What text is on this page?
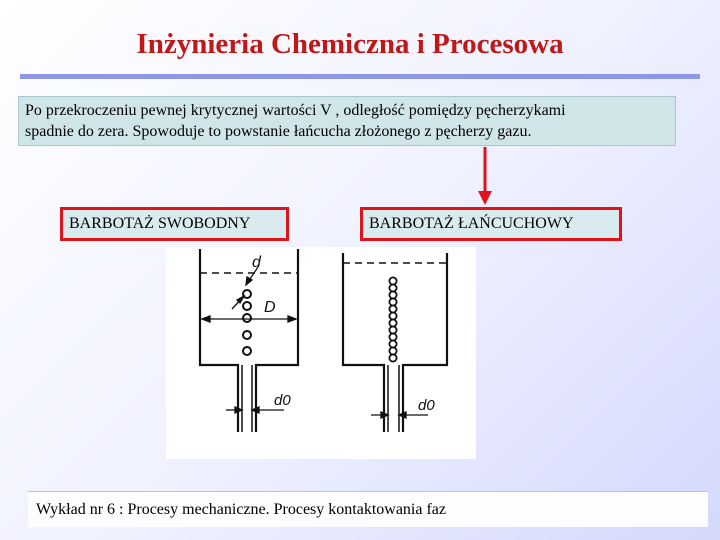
Inżynieria Chemiczna i Procesowa
Po przekroczeniu pewnej krytycznej wartości V , odległość pomiędzy pęcherzykami
spadnie do zera. Spowoduje to powstanie łańcucha złożonego z pęcherzy gazu.
BARBOTAŻ SWOBODNY	BARBOTAŻ ŁAŃCUCHOWY
d
D
d0	d0
Wykład nr 6 : Procesy mechaniczne. Procesy kontaktowania faz
